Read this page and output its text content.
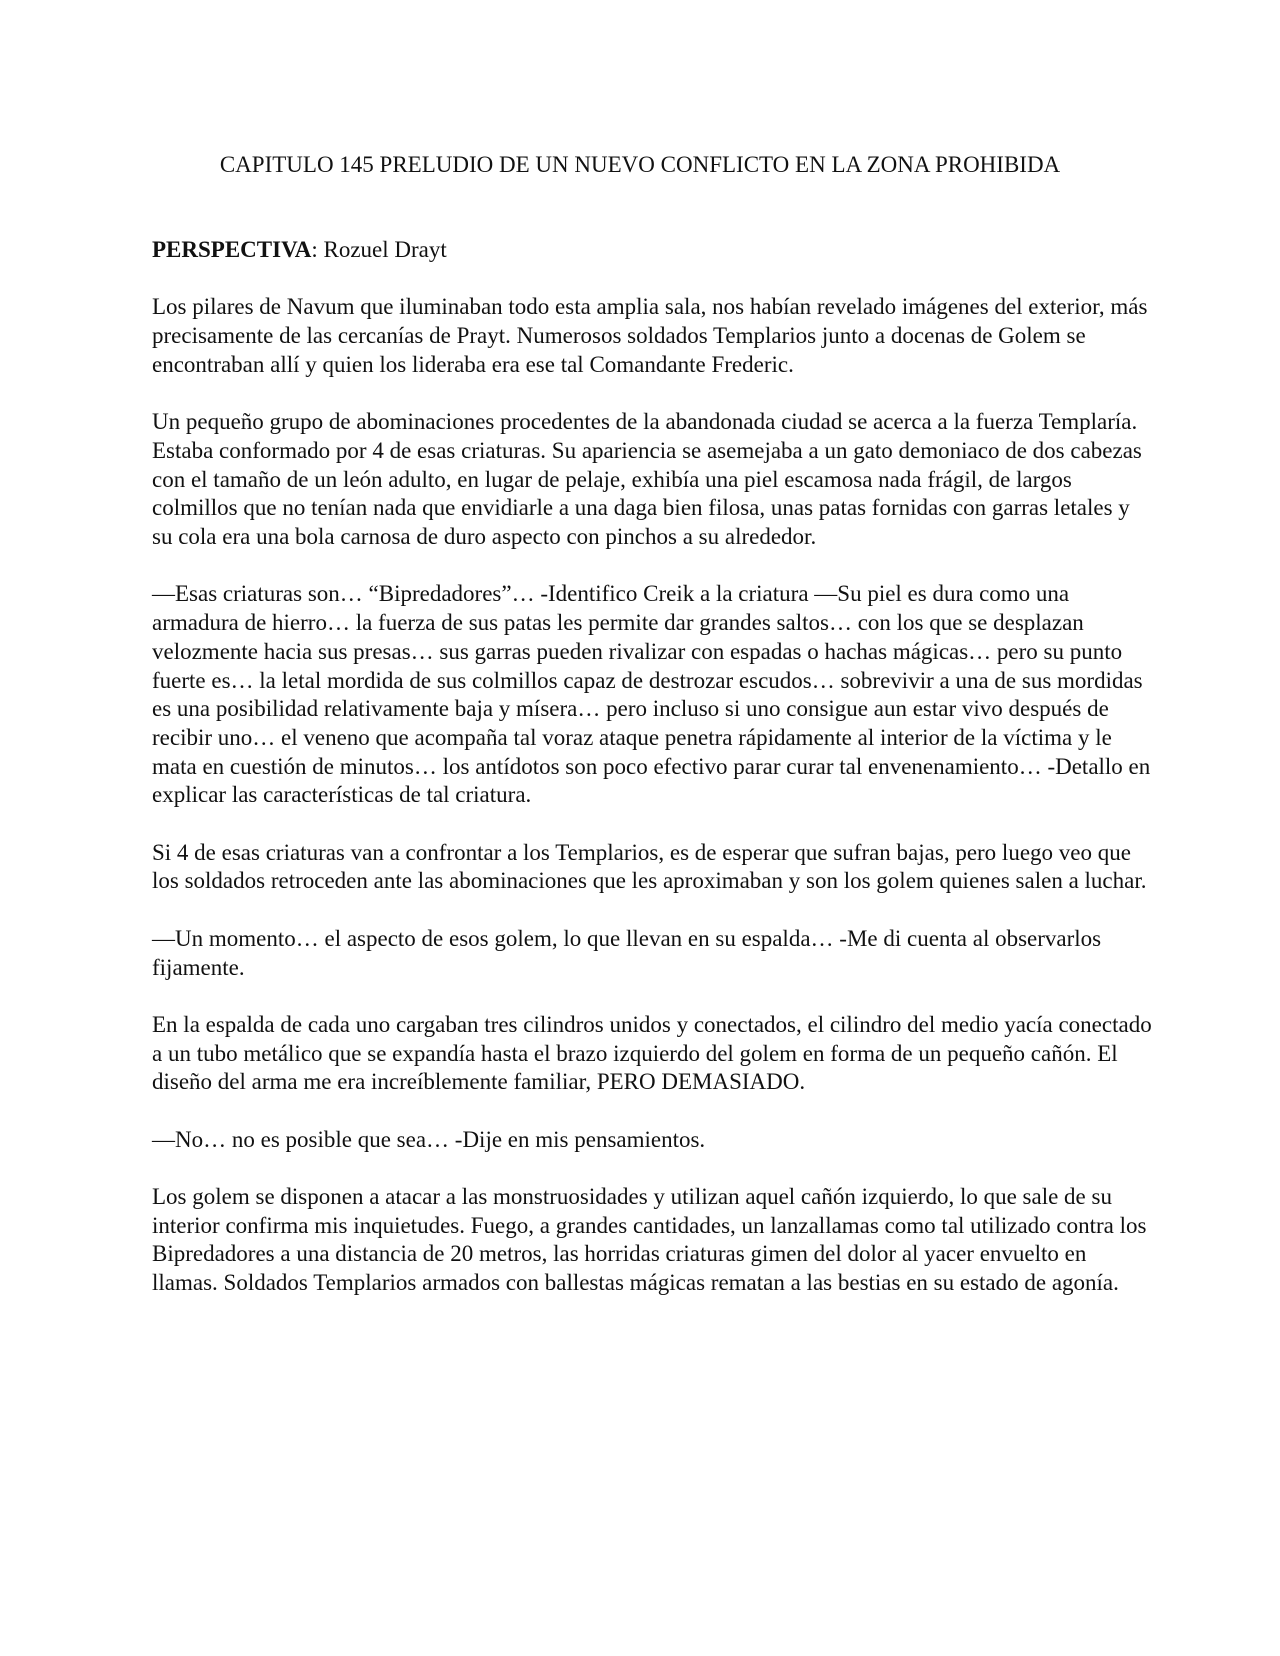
CAPITULO 145 PRELUDIO DE UN NUEVO CONFLICTO EN LA ZONA PROHIBIDA

PERSPECTIVA: Rozuel Drayt

Los pilares de Navum que iluminaban todo esta amplia sala, nos habían revelado imágenes del exterior, más precisamente de las cercanías de Prayt. Numerosos soldados Templarios junto a docenas de Golem se encontraban allí y quien los lideraba era ese tal Comandante Frederic.

Un pequeño grupo de abominaciones procedentes de la abandonada ciudad se acerca a la fuerza Templaría. Estaba conformado por 4 de esas criaturas. Su apariencia se asemejaba a un gato demoniaco de dos cabezas con el tamaño de un león adulto, en lugar de pelaje, exhibía una piel escamosa nada frágil, de largos colmillos que no tenían nada que envidiarle a una daga bien filosa, unas patas fornidas con garras letales y su cola era una bola carnosa de duro aspecto con pinchos a su alrededor.

—Esas criaturas son… “Bipredadores”… -Identifico Creik a la criatura —Su piel es dura como una armadura de hierro… la fuerza de sus patas les permite dar grandes saltos… con los que se desplazan velozmente hacia sus presas… sus garras pueden rivalizar con espadas o hachas mágicas… pero su punto fuerte es… la letal mordida de sus colmillos capaz de destrozar escudos… sobrevivir a una de sus mordidas es una posibilidad relativamente baja y mísera… pero incluso si uno consigue aun estar vivo después de recibir uno… el veneno que acompaña tal voraz ataque penetra rápidamente al interior de la víctima y le mata en cuestión de minutos… los antídotos son poco efectivo parar curar tal envenenamiento… -Detallo en explicar las características de tal criatura.

Si 4 de esas criaturas van a confrontar a los Templarios, es de esperar que sufran bajas, pero luego veo que los soldados retroceden ante las abominaciones que les aproximaban y son los golem quienes salen a luchar.

—Un momento… el aspecto de esos golem, lo que llevan en su espalda… -Me di cuenta al observarlos fijamente.

En la espalda de cada uno cargaban tres cilindros unidos y conectados, el cilindro del medio yacía conectado a un tubo metálico que se expandía hasta el brazo izquierdo del golem en forma de un pequeño cañón. El diseño del arma me era increíblemente familiar, PERO DEMASIADO.

—No… no es posible que sea… -Dije en mis pensamientos.

Los golem se disponen a atacar a las monstruosidades y utilizan aquel cañón izquierdo, lo que sale de su interior confirma mis inquietudes. Fuego, a grandes cantidades, un lanzallamas como tal utilizado contra los Bipredadores a una distancia de 20 metros, las horridas criaturas gimen del dolor al yacer envuelto en llamas. Soldados Templarios armados con ballestas mágicas rematan a las bestias en su estado de agonía.
